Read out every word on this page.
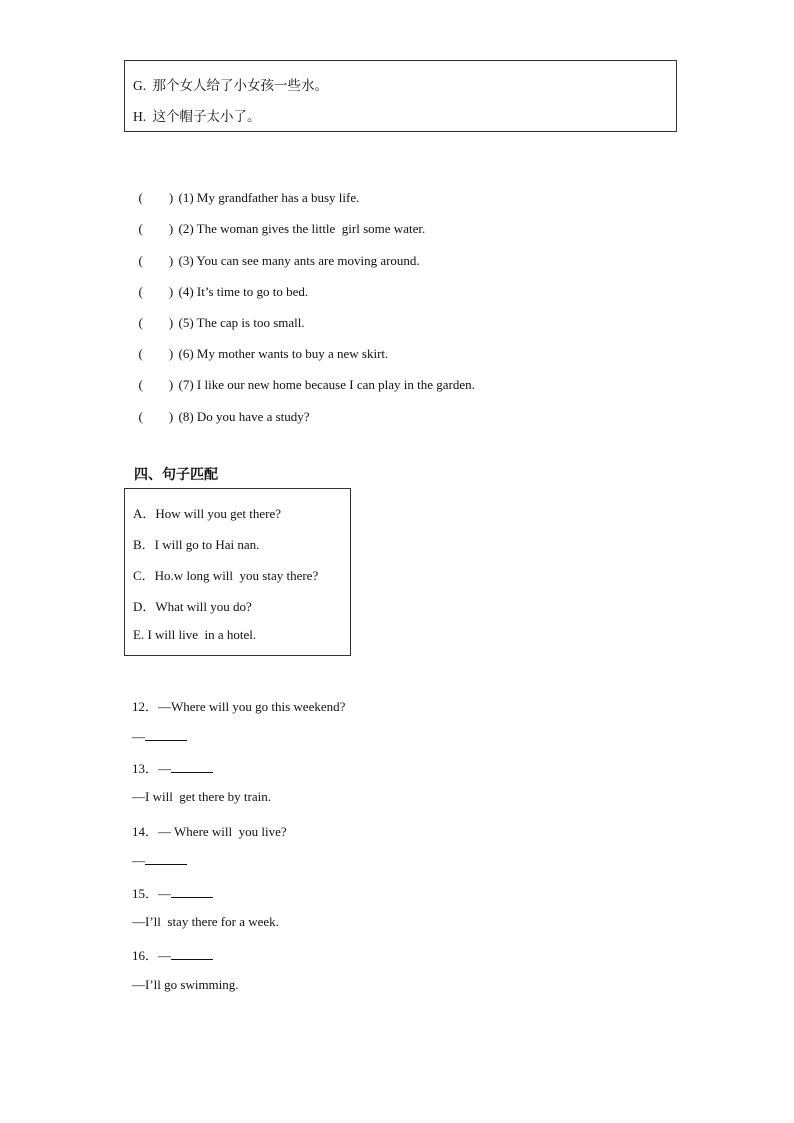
G. 那个女人给了小女孩一些水。
H. 这个帽子太小了。

(        ) (1) My grandfather has a busy life.

(        ) (2) The woman gives the little  girl some water.

(        ) (3) You can see many ants are moving around.

(        ) (4) It’s time to go to bed.

(        ) (5) The cap is too small.

(        ) (6) My mother wants to buy a new skirt.

(        ) (7) I like our new home because I can play in the garden.

(        ) (8) Do you have a study?

四、句子匹配
A．How will you get there?
B．I will go to Hai nan.
C．Ho.w long will  you stay there?
D．What will you do?
E. I will live  in a hotel.
12．—Where will you go this weekend?
—
13．—
—I will  get there by train.
14．— Where will  you live?
—
15．—
—I’ll  stay there for a week.
16．—
—I’ll go swimming.
